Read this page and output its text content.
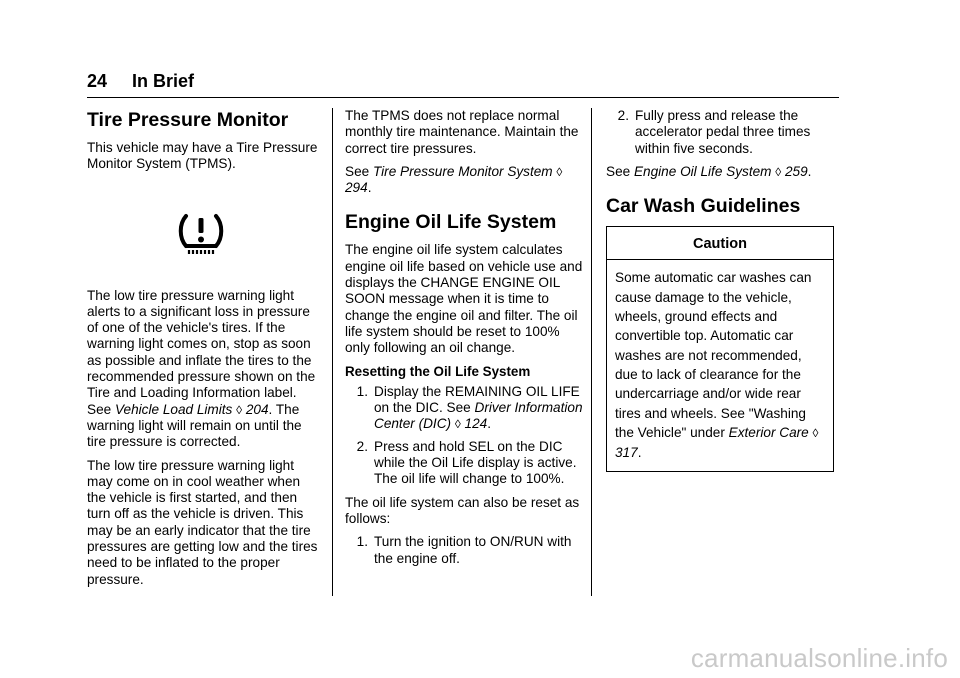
24 In Brief
Tire Pressure Monitor

This vehicle may have a Tire Pressure Monitor System (TPMS).

The low tire pressure warning light alerts to a significant loss in pressure of one of the vehicle's tires. If the warning light comes on, stop as soon as possible and inflate the tires to the recommended pressure shown on the Tire and Loading Information label. See Vehicle Load Limits ◊ 204. The warning light will remain on until the tire pressure is corrected.

The low tire pressure warning light may come on in cool weather when the vehicle is first started, and then turn off as the vehicle is driven. This may be an early indicator that the tire pressures are getting low and the tires need to be inflated to the proper pressure.

The TPMS does not replace normal monthly tire maintenance. Maintain the correct tire pressures.

See Tire Pressure Monitor System ◊ 294.

Engine Oil Life System

The engine oil life system calculates engine oil life based on vehicle use and displays the CHANGE ENGINE OIL SOON message when it is time to change the engine oil and filter. The oil life system should be reset to 100% only following an oil change.

Resetting the Oil Life System
1. Display the REMAINING OIL LIFE on the DIC. See Driver Information Center (DIC) ◊ 124.
2. Press and hold SEL on the DIC while the Oil Life display is active. The oil life will change to 100%.

The oil life system can also be reset as follows:

1. Turn the ignition to ON/RUN with the engine off.
2. Fully press and release the accelerator pedal three times within five seconds.

See Engine Oil Life System ◊ 259.

Car Wash Guidelines
Caution
Some automatic car washes can cause damage to the vehicle, wheels, ground effects and convertible top. Automatic car washes are not recommended, due to lack of clearance for the undercarriage and/or wide rear tires and wheels. See "Washing the Vehicle" under Exterior Care ◊ 317.
carmanualsonline.info
